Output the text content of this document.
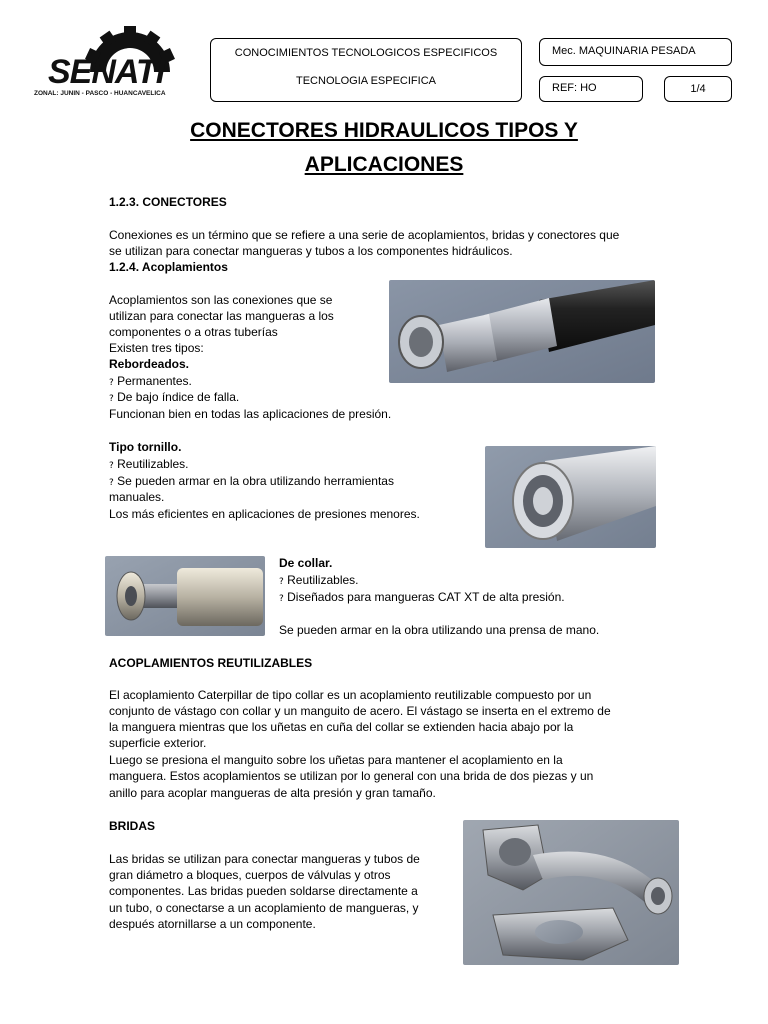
SENATI
ZONAL: JUNIN - PASCO - HUANCAVELICA
CONOCIMIENTOS TECNOLOGICOS ESPECIFICOS
TECNOLOGIA ESPECIFICA
Mec. MAQUINARIA PESADA
REF: HO	1/4
CONECTORES HIDRAULICOS TIPOS Y
APLICACIONES
1.2.3. CONECTORES
Conexiones es un término que se refiere a una serie de acoplamientos, bridas y conectores que
se utilizan para conectar mangueras y tubos a los componentes hidráulicos.
1.2.4. Acoplamientos
Acoplamientos son las conexiones que se
utilizan para conectar las mangueras a los
componentes o a otras tuberías
Existen tres tipos:
Rebordeados.
? Permanentes.
? De bajo índice de falla.
Funcionan bien en todas las aplicaciones de presión.
Tipo tornillo.
? Reutilizables.
? Se pueden armar en la obra utilizando herramientas
manuales.
Los más eficientes en aplicaciones de presiones menores.
De collar.
? Reutilizables.
? Diseñados para mangueras CAT XT de alta presión.
Se pueden armar en la obra utilizando una prensa de mano.
ACOPLAMIENTOS REUTILIZABLES
El acoplamiento Caterpillar de tipo collar es un acoplamiento reutilizable compuesto por un
conjunto de vástago con collar y un manguito de acero. El vástago se inserta en el extremo de
la manguera mientras que los uñetas en cuña del collar se extienden hacia abajo por la
superficie exterior.
Luego se presiona el manguito sobre los uñetas para mantener el acoplamiento en la
manguera. Estos acoplamientos se utilizan por lo general con una brida de dos piezas y un
anillo para acoplar mangueras de alta presión y gran tamaño.
BRIDAS
Las bridas se utilizan para conectar mangueras y tubos de
gran diámetro a bloques, cuerpos de válvulas y otros
componentes. Las bridas pueden soldarse directamente a
un tubo, o conectarse a un acoplamiento de mangueras, y
después atornillarse a un componente.
